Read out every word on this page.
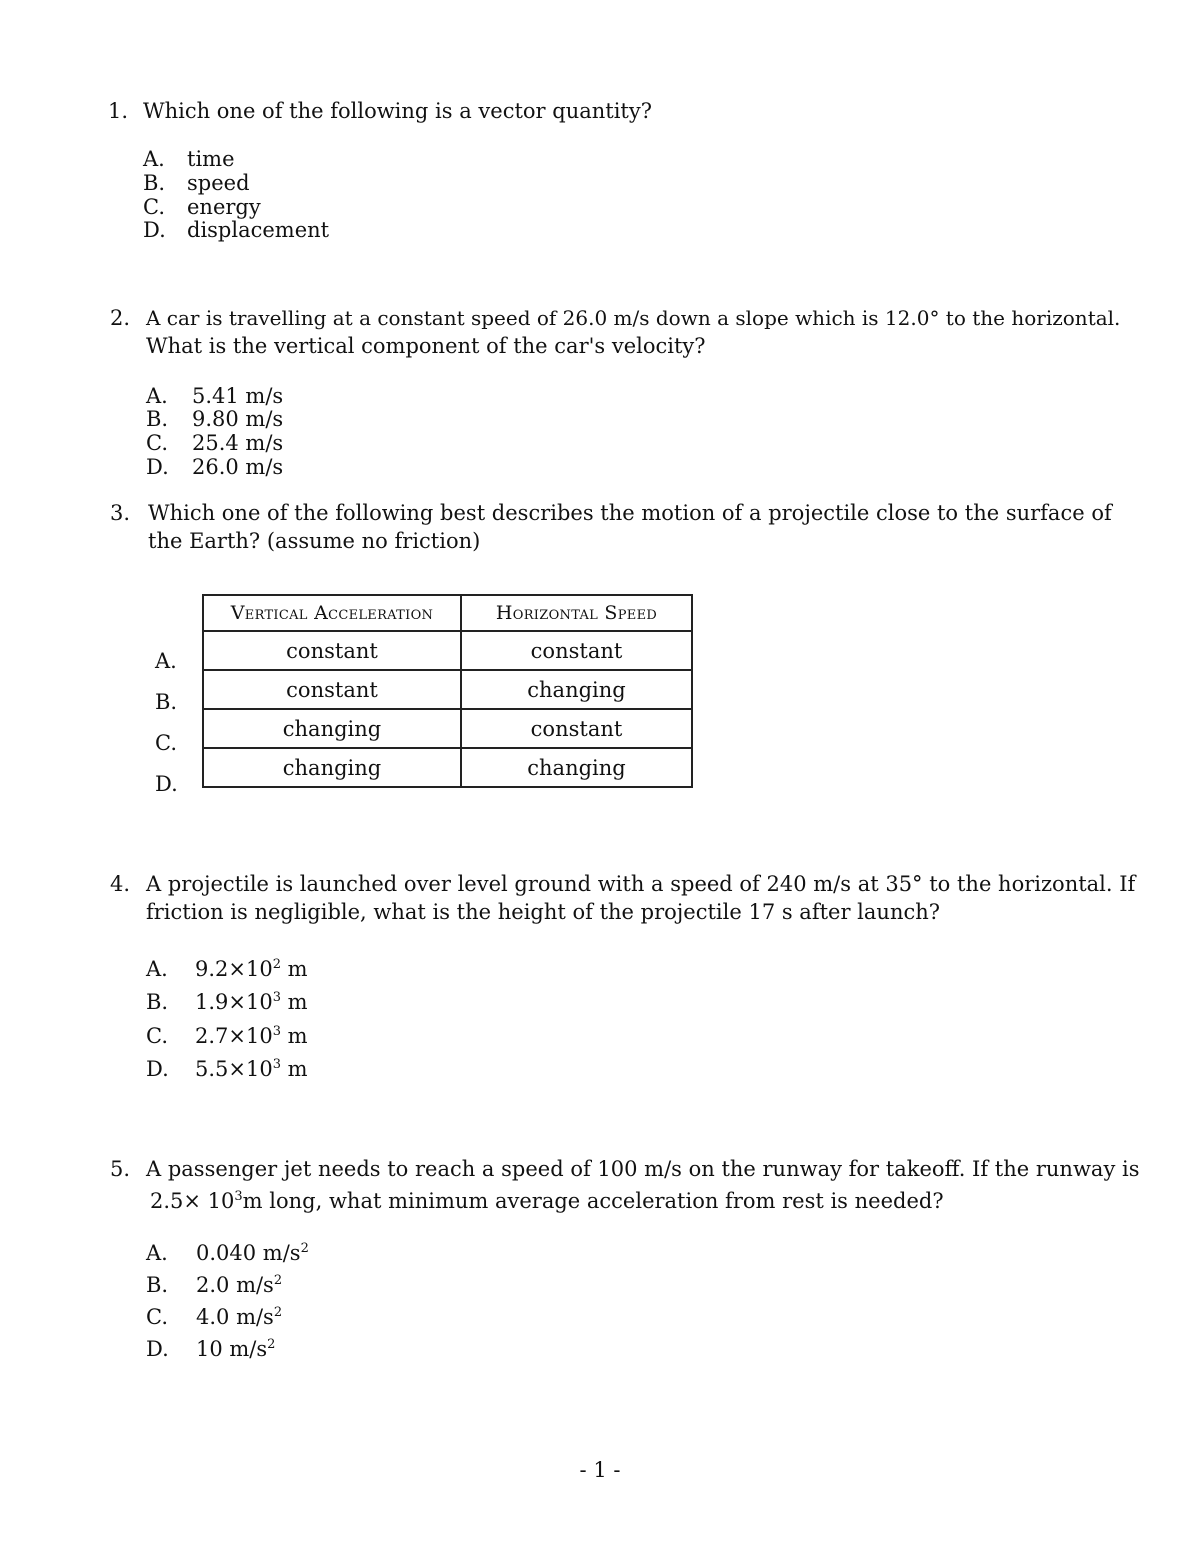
1. Which one of the following is a vector quantity?
A. time
B. speed
C. energy
D. displacement
2. A car is travelling at a constant speed of 26.0 m/s down a slope which is 12.0° to the horizontal.
What is the vertical component of the car's velocity?
A. 5.41 m/s
B. 9.80 m/s
C. 25.4 m/s
D. 26.0 m/s
3. Which one of the following best describes the motion of a projectile close to the surface of
the Earth? (assume no friction)
A.
B.
C.
D.
Vertical Acceleration	Horizontal Speed
constant	constant
constant	changing
changing	constant
changing	changing
4. A projectile is launched over level ground with a speed of 240 m/s at 35° to the horizontal. If
friction is negligible, what is the height of the projectile 17 s after launch?
A. $9.2\times 10^2$ m
B. $1.9\times 10^3$ m
C. $2.7\times 10^3$ m
D. $5.5\times 10^3$ m
5. A passenger jet needs to reach a speed of 100 m/s on the runway for takeoff. If the runway is
$2.5\times 10^3m$ long, what minimum average acceleration from rest is needed?
A. 0.040 $m/s^2$
B. 2.0 $m/s^2$
C. 4.0 $m/s^2$
D. 10 $m/s^2$
- 1 -
